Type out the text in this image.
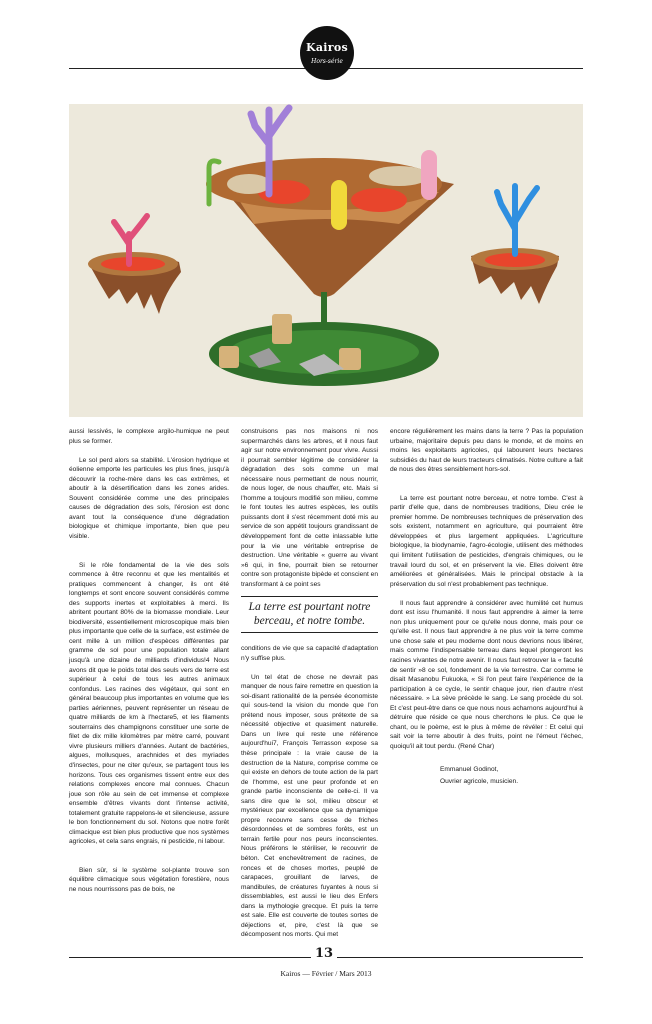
Kairos
Hors-série

aussi lessivés, le complexe argilo-humique ne peut plus se former.

Le sol perd alors sa stabilité. L'érosion hydrique et éolienne emporte les particules les plus fines, jusqu'à découvrir la roche-mère dans les cas extrêmes, et aboutir à la désertification dans les zones arides. Souvent considérée comme une des principales causes de dégradation des sols, l'érosion est donc avant tout la conséquence d'une dégradation biologique et chimique importante, bien que peu visible.

Si le rôle fondamental de la vie des sols commence à être reconnu et que les mentalités et pratiques commencent à changer, ils ont été longtemps et sont encore souvent considérés comme des supports inertes et exploitables à merci. Ils abritent pourtant 80% de la biomasse mondiale. Leur biodiversité, essentiellement microscopique mais bien plus importante que celle de la surface, est estimée de cent mille à un million d'espèces différentes par gramme de sol pour une population totale allant jusqu'à une dizaine de milliards d'individus!4 Nous avons dit que le poids total des seuls vers de terre est supérieur à celui de tous les autres animaux confondus. Les racines des végétaux, qui sont en général beaucoup plus importantes en volume que les parties aériennes, peuvent représenter un réseau de quatre milliards de km à l'hectare5, et les filaments souterrains des champignons constituer une sorte de filet de dix mille kilomètres par mètre carré, pouvant vivre plusieurs milliers d'années. Autant de bactéries, algues, mollusques, arachnides et des myriades d'insectes, pour ne citer qu'eux, se partagent tous les horizons. Tous ces organismes tissent entre eux des relations complexes encore mal connues. Chacun joue son rôle au sein de cet immense et complexe ensemble d'êtres vivants dont l'intense activité, totalement gratuite rappelons-le et silencieuse, assure le bon fonctionnement du sol. Notons que notre forêt climacique est bien plus productive que nos systèmes agricoles, et cela sans engrais, ni pesticide, ni labour.

Bien sûr, si le système sol-plante trouve son équilibre climacique sous végétation forestière, nous ne nous nourrissons pas de bois, ne

construisons pas nos maisons ni nos supermarchés dans les arbres, et il nous faut agir sur notre environnement pour vivre. Aussi il pourrait sembler légitime de considérer la dégradation des sols comme un mal nécessaire nous permettant de nous nourrir, de nous loger, de nous chauffer, etc. Mais si l'homme a toujours modifié son milieu, comme le font toutes les autres espèces, les outils puissants dont il s'est récemment doté mis au service de son appétit toujours grandissant de développement font de cette inlassable lutte pour la vie une véritable entreprise de destruction. Une véritable « guerre au vivant »6 qui, in fine, pourrait bien se retourner contre son protagoniste bipède et conscient en transformant à ce point ses

La terre est pourtant notre berceau, et notre tombe.

conditions de vie que sa capacité d'adaptation n'y suffise plus.

Un tel état de chose ne devrait pas manquer de nous faire remettre en question la soi-disant rationalité de la pensée économiste qui sous-tend la vision du monde que l'on prétend nous imposer, sous prétexte de sa nécessité objective et quasiment naturelle. Dans un livre qui reste une référence aujourd'hui7, François Terrasson expose sa thèse principale : la vraie cause de la destruction de la Nature, comprise comme ce qui existe en dehors de toute action de la part de l'homme, est une peur profonde et en grande partie inconsciente de celle-ci. Il va sans dire que le sol, milieu obscur et mystérieux par excellence que sa dynamique propre recouvre sans cesse de friches désordonnées et de sombres forêts, est un terrain fertile pour nos peurs inconscientes. Nous préférons le stériliser, le recouvrir de béton. Cet enchevêtrement de racines, de ronces et de choses mortes, peuplé de carapaces, grouillant de larves, de mandibules, de créatures fuyantes à nous si dissemblables, est aussi le lieu des Enfers dans la mythologie grecque. Et puis la terre est sale. Elle est couverte de toutes sortes de déjections et, pire, c'est là que se décomposent nos morts. Qui met

encore régulièrement les mains dans la terre ? Pas la population urbaine, majoritaire depuis peu dans le monde, et de moins en moins les exploitants agricoles, qui labourent leurs hectares subsidiés du haut de leurs tracteurs climatisés. Notre culture a fait de nous des êtres sensiblement hors-sol.

La terre est pourtant notre berceau, et notre tombe. C'est à partir d'elle que, dans de nombreuses traditions, Dieu crée le premier homme. De nombreuses techniques de préservation des sols existent, notamment en agriculture, qui pourraient être développées et plus largement appliquées. L'agriculture biologique, la biodynamie, l'agro-écologie, utilisent des méthodes qui limitent l'utilisation de pesticides, d'engrais chimiques, ou le travail lourd du sol, et en préservent la vie. Elles doivent être améliorées et généralisées. Mais le principal obstacle à la préservation du sol n'est probablement pas technique.

Il nous faut apprendre à considérer avec humilité cet humus dont est issu l'humanité. Il nous faut apprendre à aimer la terre non plus uniquement pour ce qu'elle nous donne, mais pour ce qu'elle est. Il nous faut apprendre à ne plus voir la terre comme une chose sale et peu moderne dont nous devrions nous libérer, mais comme l'indispensable terreau dans lequel plongeront les racines vivantes de notre avenir. Il nous faut retrouver la « faculté de sentir »8 ce sol, fondement de la vie terrestre. Car comme le disait Masanobu Fukuoka, « Si l'on peut faire l'expérience de la participation à ce cycle, le sentir chaque jour, rien d'autre n'est nécessaire. » La sève précède le sang. Le sang procède du sol. Et c'est peut-être dans ce que nous nous acharnons aujourd'hui à détruire que réside ce que nous cherchons le plus. Ce que le chant, ou le poème, est le plus à même de révéler : Et celui qui sait voir la terre aboutir à des fruits, point ne l'émeut l'échec, quoiqu'il ait tout perdu. (René Char)

Emmanuel Godinot,

Ouvrier agricole, musicien.

13
Kairos — Février / Mars 2013
